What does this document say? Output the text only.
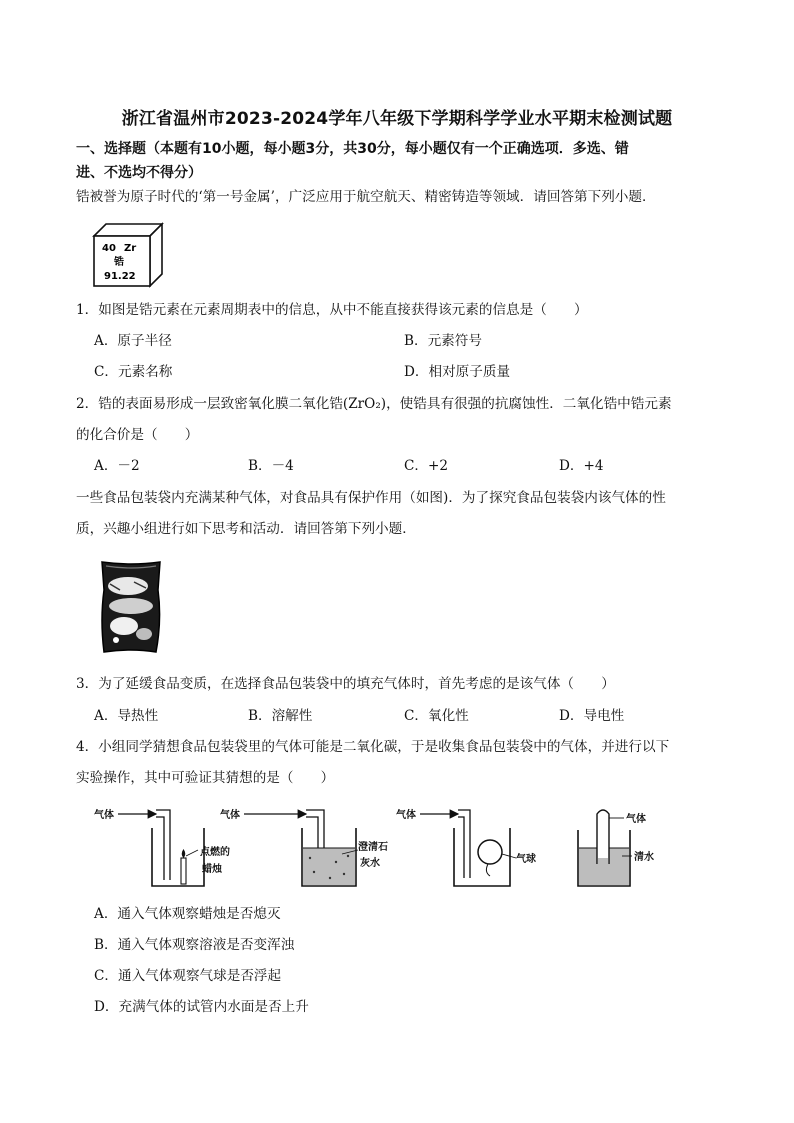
浙江省温州市2023-2024学年八年级下学期科学学业水平期末检测试题
一、选择题（本题有10小题，每小题3分，共30分，每小题仅有一个正确选项．多选、错
进、不选均不得分）
锆被誉为原子时代的‘第一号金属’，广泛应用于航空航天、精密铸造等领域．请回答第下列小题．
40 Zr
锆
91.22
1．如图是锆元素在元素周期表中的信息，从中不能直接获得该元素的信息是（　　）
A．原子半径	B．元素符号
C．元素名称	D．相对原子质量
2．锆的表面易形成一层致密氧化膜二氧化锆(ZrO₂)，使锆具有很强的抗腐蚀性．二氧化锆中锆元素
的化合价是（　　）
A．－2	B．－4	C．+2	D．+4
一些食品包装袋内充满某种气体，对食品具有保护作用（如图)．为了探究食品包装袋内该气体的性
质，兴趣小组进行如下思考和活动．请回答第下列小题．
3．为了延缓食品变质，在选择食品包装袋中的填充气体时，首先考虑的是该气体（　　）
A．导热性	B．溶解性	C．氧化性	D．导电性
4．小组同学猜想食品包装袋里的气体可能是二氧化碳，于是收集食品包装袋中的气体，并进行以下
实验操作，其中可验证其猜想的是（　　）
气体
点燃的
蜡烛
气体
澄清石
灰水
气体
气球
气体
清水
A．通入气体观察蜡烛是否熄灭
B．通入气体观察溶液是否变浑浊
C．通入气体观察气球是否浮起
D．充满气体的试管内水面是否上升
